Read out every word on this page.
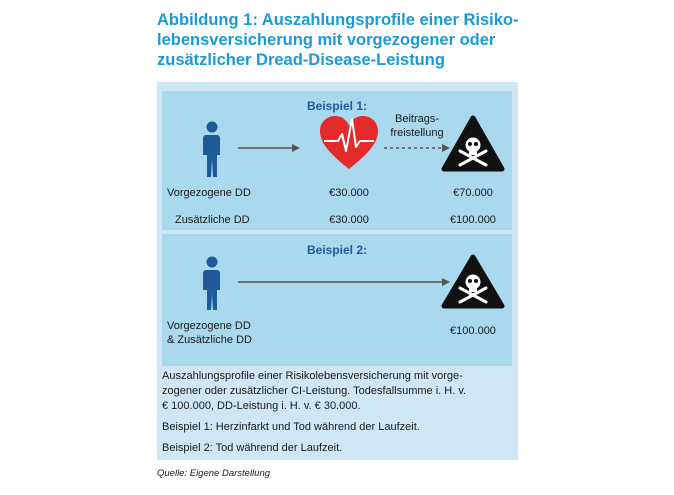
Abbildung 1: Auszahlungsprofile einer Risiko-
lebensversicherung mit vorgezogener oder
zusätzlicher Dread-Disease-Leistung
Beispiel 1:
Beitrags-
freistellung
Vorgezogene DD	€30.000	€70.000
Zusätzliche DD	€30.000	€100.000
Beispiel 2:
Vorgezogene DD
& Zusätzliche DD
€100.000

Auszahlungsprofile einer Risikolebensversicherung mit vorge-
zogener oder zusätzlicher CI-Leistung. Todesfallsumme i. H. v.
€ 100.000, DD-Leistung i. H. v. € 30.000.

Beispiel 1: Herzinfarkt und Tod während der Laufzeit.

Beispiel 2: Tod während der Laufzeit.

Quelle: Eigene Darstellung
